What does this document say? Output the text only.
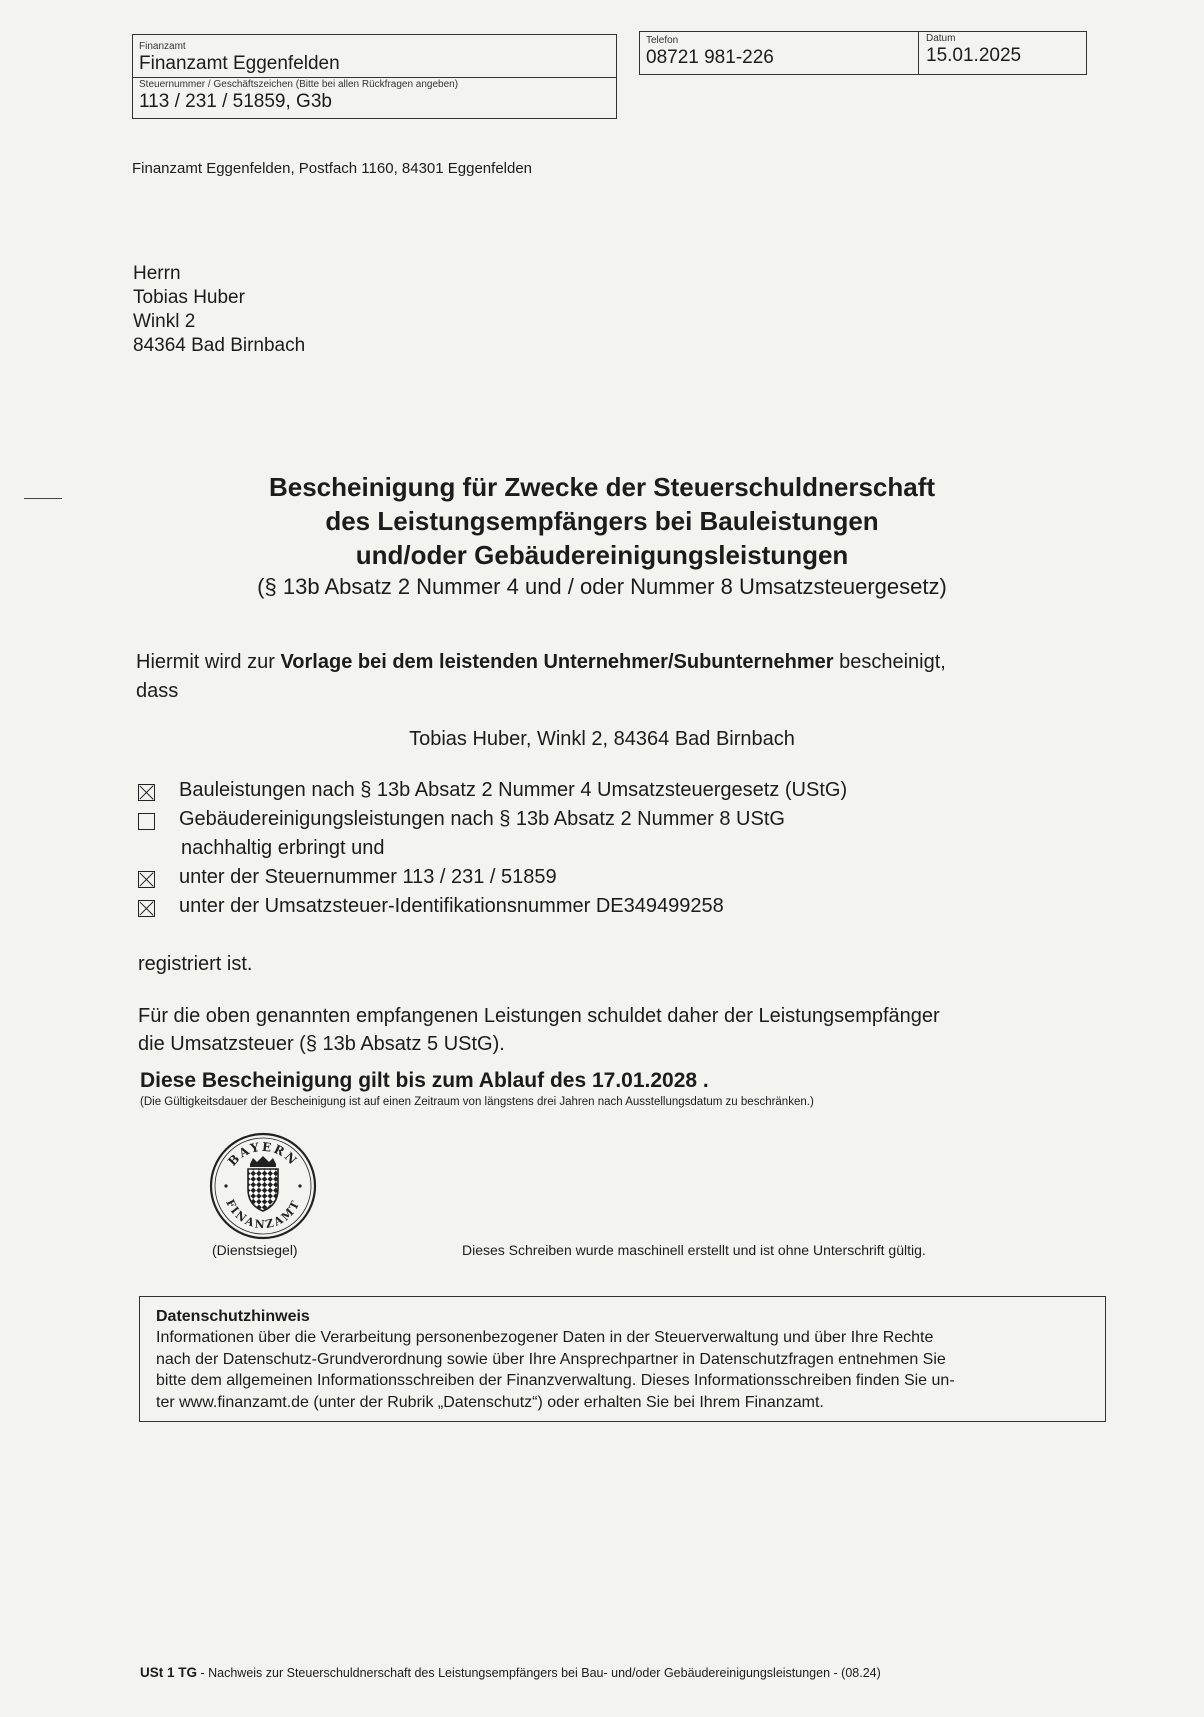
Finanzamt
Finanzamt Eggenfelden
Steuernummer / Geschäftszeichen (Bitte bei allen Rückfragen angeben)
113 / 231 / 51859, G3b
Telefon
08721 981-226
Datum
15.01.2025
Finanzamt Eggenfelden, Postfach 1160, 84301 Eggenfelden
Herrn
Tobias Huber
Winkl 2
84364 Bad Birnbach
Bescheinigung für Zwecke der Steuerschuldnerschaft
des Leistungsempfängers bei Bauleistungen
und/oder Gebäudereinigungsleistungen
(§ 13b Absatz 2 Nummer 4 und / oder Nummer 8 Umsatzsteuergesetz)
Hiermit wird zur Vorlage bei dem leistenden Unternehmer/Subunternehmer bescheinigt,
dass
Tobias Huber, Winkl 2, 84364 Bad Birnbach
Bauleistungen nach § 13b Absatz 2 Nummer 4 Umsatzsteuergesetz (UStG)
Gebäudereinigungsleistungen nach § 13b Absatz 2 Nummer 8 UStG
nachhaltig erbringt und
unter der Steuernummer 113 / 231 / 51859
unter der Umsatzsteuer-Identifikationsnummer DE349499258
registriert ist.
Für die oben genannten empfangenen Leistungen schuldet daher der Leistungsempfänger
die Umsatzsteuer (§ 13b Absatz 5 UStG).
Diese Bescheinigung gilt bis zum Ablauf des 17.01.2028 .
(Die Gültigkeitsdauer der Bescheinigung ist auf einen Zeitraum von längstens drei Jahren nach Ausstellungsdatum zu beschränken.)
BAYERN
FINANZAMT
(Dienstsiegel)	Dieses Schreiben wurde maschinell erstellt und ist ohne Unterschrift gültig.
Datenschutzhinweis
Informationen über die Verarbeitung personenbezogener Daten in der Steuerverwaltung und über Ihre Rechte
nach der Datenschutz-Grundverordnung sowie über Ihre Ansprechpartner in Datenschutzfragen entnehmen Sie
bitte dem allgemeinen Informationsschreiben der Finanzverwaltung. Dieses Informationsschreiben finden Sie un-
ter www.finanzamt.de (unter der Rubrik „Datenschutz“) oder erhalten Sie bei Ihrem Finanzamt.
USt 1 TG - Nachweis zur Steuerschuldnerschaft des Leistungsempfängers bei Bau- und/oder Gebäudereinigungsleistungen - (08.24)
